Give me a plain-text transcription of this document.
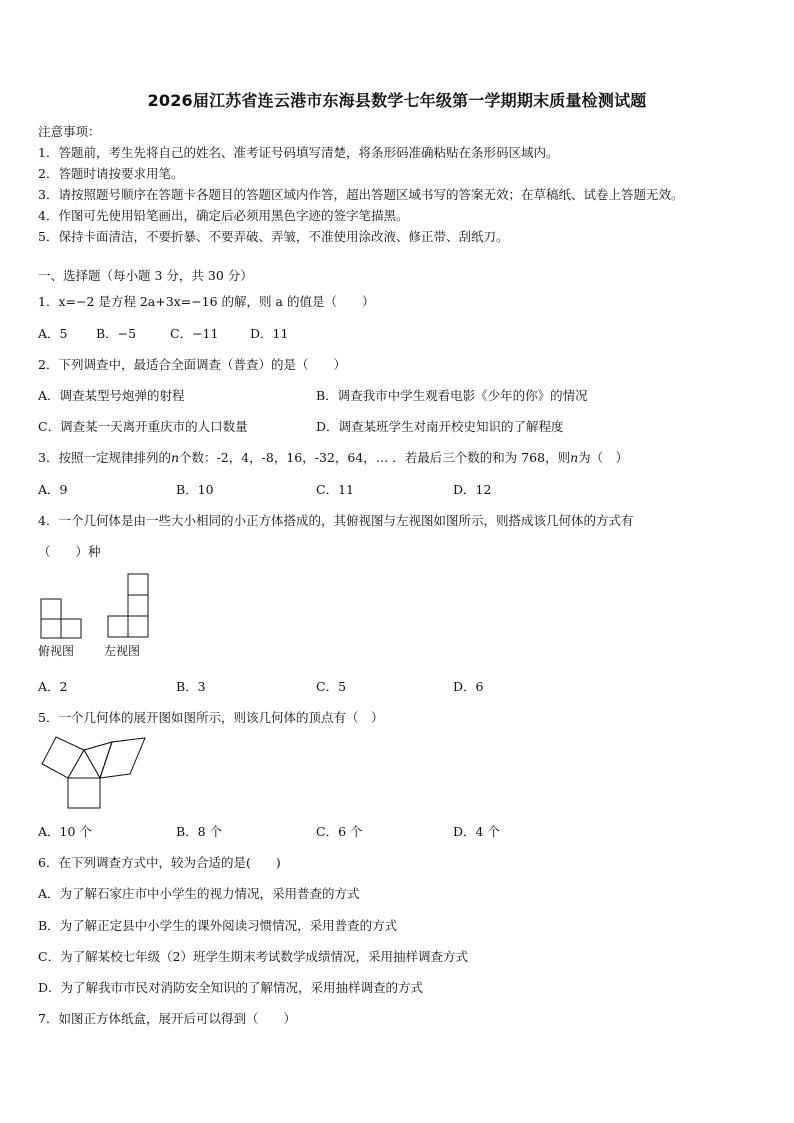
2026届江苏省连云港市东海县数学七年级第一学期期末质量检测试题
注意事项：
1．答题前，考生先将自己的姓名、准考证号码填写清楚，将条形码准确粘贴在条形码区域内。
2．答题时请按要求用笔。
3．请按照题号顺序在答题卡各题目的答题区域内作答，超出答题区域书写的答案无效；在草稿纸、试卷上答题无效。
4．作图可先使用铅笔画出，确定后必须用黑色字迹的签字笔描黑。
5．保持卡面清洁，不要折暴、不要弄破、弄皱，不准使用涂改液、修正带、刮纸刀。
一、选择题（每小题 3 分，共 30 分）
1．x=−2 是方程 2a+3x=−16 的解，则 a 的值是（　　）
A．5 B．−5	C．−11	D．11
2．下列调查中，最适合全面调查（普查）的是（　　）
A．调查某型号炮弹的射程	B．调查我市中学生观看电影《少年的你》的情况
C．调查某一天离开重庆市的人口数量	D．调查某班学生对南开校史知识的了解程度
3．按照一定规律排列的n个数：-2，4，-8，16，-32，64，… ．若最后三个数的和为 768，则n为（　）
A．9	B．10	C．11	D．12
4．一个几何体是由一些大小相同的小正方体搭成的，其俯视图与左视图如图所示，则搭成该几何体的方式有
（　　）种
俯视图 左视图
A．2	B．3	C．5	D．6
5．一个几何体的展开图如图所示，则该几何体的顶点有（　）
A．10 个	B．8 个	C．6 个	D．4 个
6．在下列调查方式中，较为合适的是(　　)
A．为了解石家庄市中小学生的视力情况，采用普查的方式
B．为了解正定县中小学生的课外阅读习惯情况，采用普查的方式
C．为了解某校七年级（2）班学生期末考试数学成绩情况，采用抽样调查方式
D．为了解我市市民对消防安全知识的了解情况，采用抽样调查的方式
7．如图正方体纸盒，展开后可以得到（　　）
